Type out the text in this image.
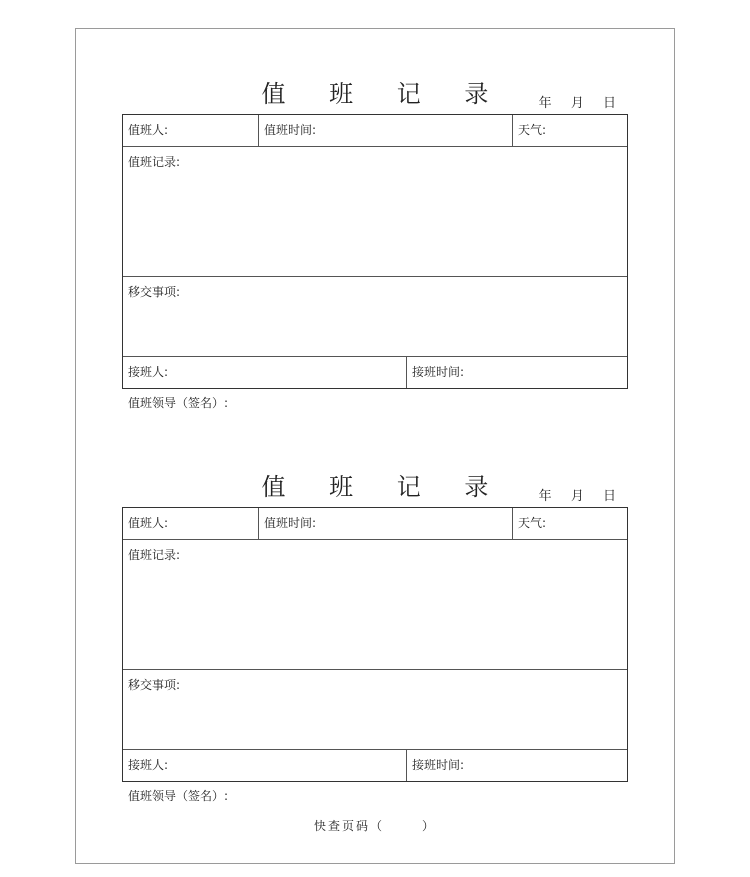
值 班 记 录	年 月 日
值班人:	值班时间:	天气:
值班记录:
移交事项:
接班人:	接班时间:
值班领导（签名）:
值 班 记 录	年 月 日
值班人:	值班时间:	天气:
值班记录:
移交事项:
接班人:	接班时间:
值班领导（签名）:
快查页码（	）
